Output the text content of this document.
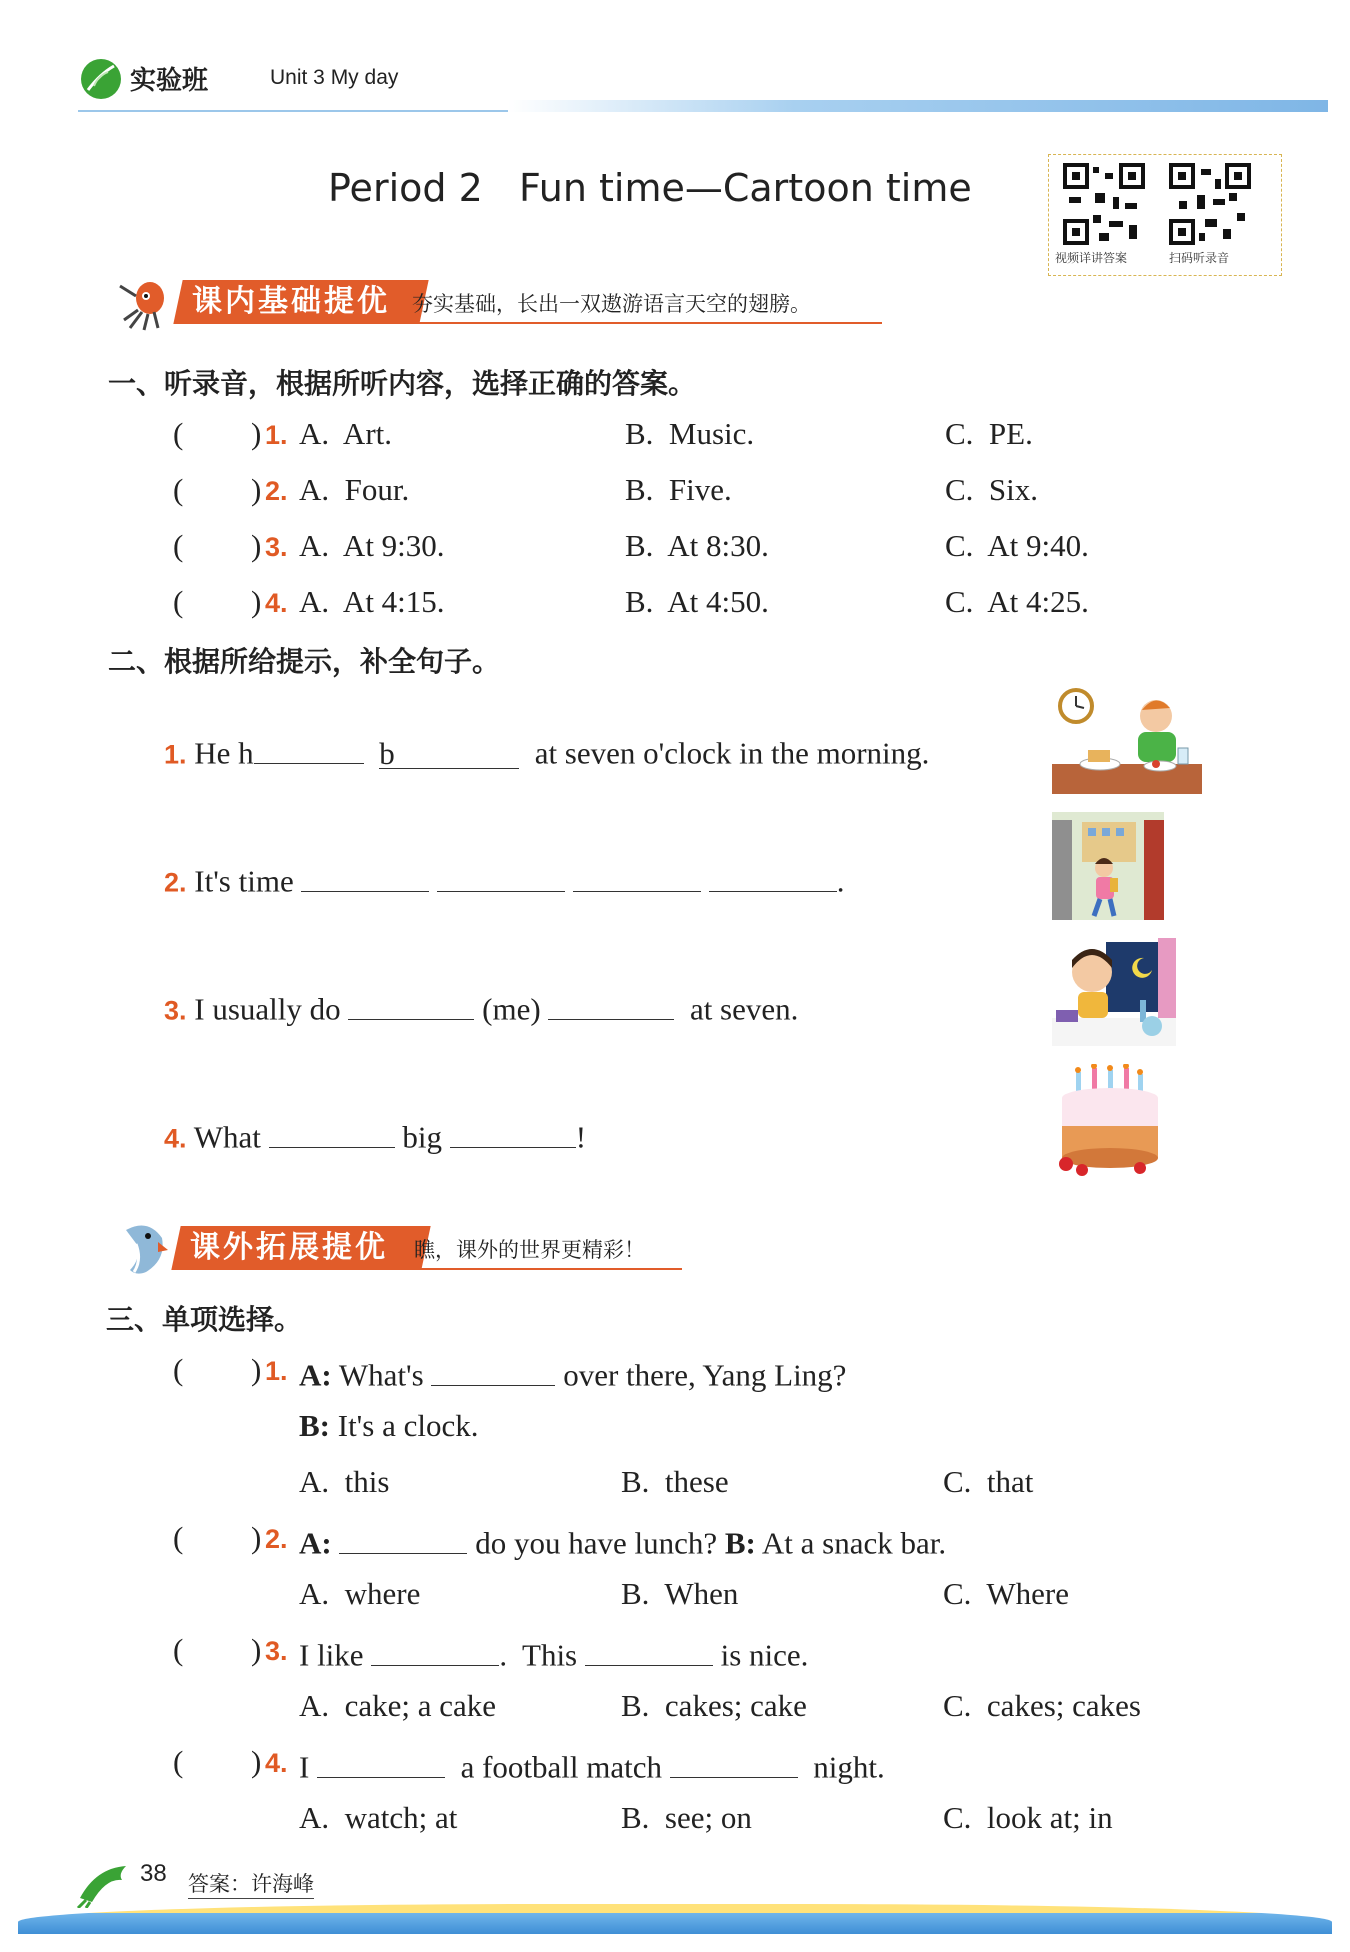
实验班	Unit 3 My day
Period 2   Fun time—Cartoon time
视频详讲答案	扫码听录音
课内基础提优	夯实基础，长出一双遨游语言天空的翅膀。
一、听录音，根据所听内容，选择正确的答案。
( ) 1. A.  Art.	B.  Music.	C.  PE.
( ) 2. A.  Four.	B.  Five.	C.  Six.
( ) 3. A.  At 9:30.	B.  At 8:30.	C.  At 9:40.
( ) 4. A.  At 4:15.	B.  At 4:50.	C.  At 4:25.
二、根据所给提示，补全句子。
1. He h	b	at seven o'clock in the morning.
2. It's time	.
3. I usually do	(me)	at seven.
4. What	big	!
课外拓展提优	瞧，课外的世界更精彩！
三、单项选择。
( ) 1. A: What's	over there, Yang Ling?
B: It's a clock.
A.  this	B.  these	C.  that
( ) 2. A:	do you have lunch? B: At a snack bar.
A.  where	B.  When	C.  Where
( ) 3. I like	.  This	is nice.
A.  cake; a cake	B.  cakes; cake	C.  cakes; cakes
( ) 4. I	a football match	night.
A.  watch; at	B.  see; on	C.  look at; in
38 答案：许海峰
